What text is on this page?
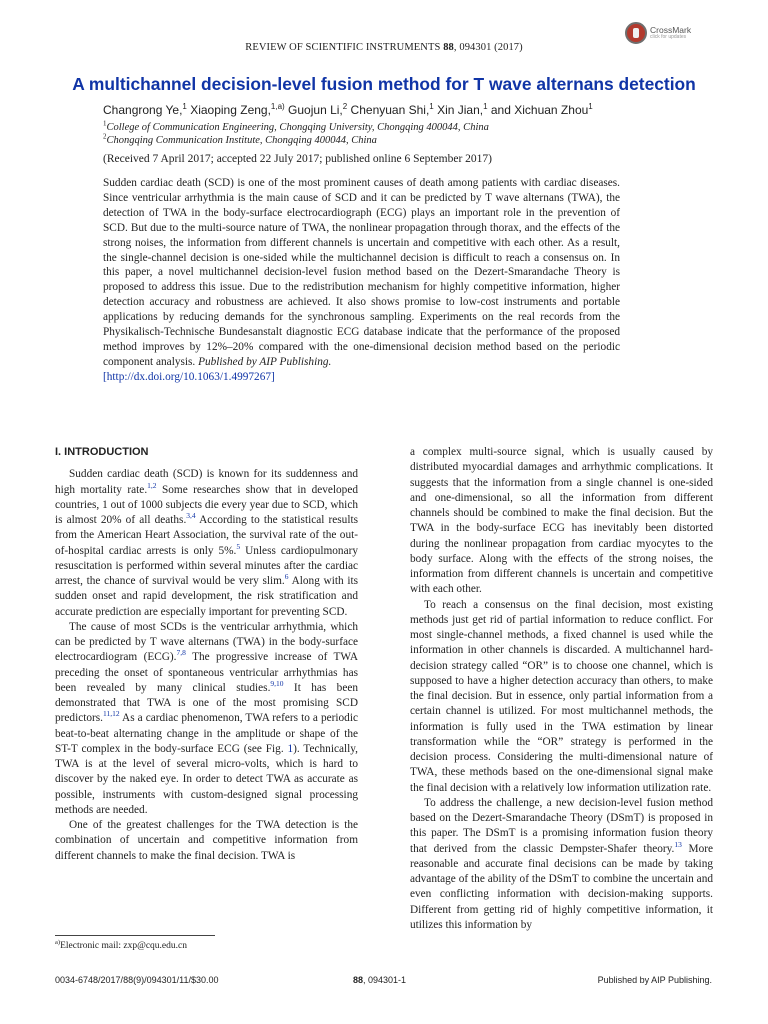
REVIEW OF SCIENTIFIC INSTRUMENTS 88, 094301 (2017)
CrossMark
click for updates
A multichannel decision-level fusion method for T wave alternans detection
Changrong Ye,$^1$ Xiaoping Zeng,$^{1,a)}$ Guojun Li,$^2$ Chenyuan Shi,$^1$ Xin Jian,$^1$ and Xichuan Zhou$^1$
$^1$College of Communication Engineering, Chongqing University, Chongqing 400044, China
$^2$Chongqing Communication Institute, Chongqing 400044, China
(Received 7 April 2017; accepted 22 July 2017; published online 6 September 2017)
Sudden cardiac death (SCD) is one of the most prominent causes of death among patients with cardiac diseases. Since ventricular arrhythmia is the main cause of SCD and it can be predicted by T wave alternans (TWA), the detection of TWA in the body-surface electrocardiograph (ECG) plays an important role in the prevention of SCD. But due to the multi-source nature of TWA, the nonlinear propagation through thorax, and the effects of the strong noises, the information from different channels is uncertain and competitive with each other. As a result, the single-channel decision is one-sided while the multichannel decision is difficult to reach a consensus on. In this paper, a novel multichannel decision-level fusion method based on the Dezert-Smarandache Theory is proposed to address this issue. Due to the redistribution mechanism for highly competitive information, higher detection accuracy and robustness are achieved. It also shows promise to low-cost instruments and portable applications by reducing demands for the synchronous sampling. Experiments on the real records from the Physikalisch-Technische Bundesanstalt diagnostic ECG database indicate that the performance of the proposed method improves by 12%–20% compared with the one-dimensional decision method based on the periodic component analysis. Published by AIP Publishing.
[http://dx.doi.org/10.1063/1.4997267]
I. INTRODUCTION

Sudden cardiac death (SCD) is known for its suddenness and high mortality rate.$^{1,2}$ Some researches show that in developed countries, 1 out of 1000 subjects die every year due to SCD, which is almost 20% of all deaths.$^{3,4}$ According to the statistical results from the American Heart Association, the survival rate of the out-of-hospital cardiac arrests is only 5%.$^5$ Unless cardiopulmonary resuscitation is performed within several minutes after the cardiac arrest, the chance of survival would be very slim.$^6$ Along with its sudden onset and rapid development, the risk stratification and accurate prediction are especially important for preventing SCD.

The cause of most SCDs is the ventricular arrhythmia, which can be predicted by T wave alternans (TWA) in the body-surface electrocardiogram (ECG).$^{7,8}$ The progressive increase of TWA preceding the onset of spontaneous ventricular arrhythmias has been revealed by many clinical studies.$^{9,10}$ It has been demonstrated that TWA is one of the most promising SCD predictors.$^{11,12}$ As a cardiac phenomenon, TWA refers to a periodic beat-to-beat alternating change in the amplitude or shape of the ST-T complex in the body-surface ECG (see Fig. 1). Technically, TWA is at the level of several micro-volts, which is hard to discover by the naked eye. In order to detect TWA as accurate as possible, instruments with custom-designed signal processing methods are needed.

One of the greatest challenges for the TWA detection is the combination of uncertain and competitive information from different channels to make the final decision. TWA is

a complex multi-source signal, which is usually caused by distributed myocardial damages and arrhythmic complications. It suggests that the information from a single channel is one-sided and one-dimensional, so all the information from different channels should be combined to make the final decision. But the TWA in the body-surface ECG has inevitably been distorted during the nonlinear propagation from cardiac myocytes to the body surface. Along with the effects of the strong noises, the information from different channels is uncertain and competitive with each other.

To reach a consensus on the final decision, most existing methods just get rid of partial information to reduce conflict. For most single-channel methods, a fixed channel is used while the information in other channels is discarded. A multichannel hard-decision strategy called “OR” is to choose one channel, which is supposed to have a higher detection accuracy than others, to make the final decision. But in essence, only partial information from a certain channel is utilized. For most multichannel methods, the information is fully used in the TWA estimation by linear transformation while the “OR” strategy is performed in the decision process. Considering the multi-dimensional nature of TWA, these methods based on the one-dimensional signal make the final decision with a relatively low information utilization rate.

To address the challenge, a new decision-level fusion method based on the Dezert-Smarandache Theory (DSmT) is proposed in this paper. The DSmT is a promising information fusion theory that derived from the classic Dempster-Shafer theory.$^{13}$ More reasonable and accurate final decisions can be made by taking advantage of the ability of the DSmT to combine the uncertain and even conflicting information with decision-making supports. Different from getting rid of highly competitive information, it utilizes this information by

$^{a)}$Electronic mail: zxp@cqu.edu.cn
0034-6748/2017/88(9)/094301/11/$30.00	88, 094301-1	Published by AIP Publishing.
